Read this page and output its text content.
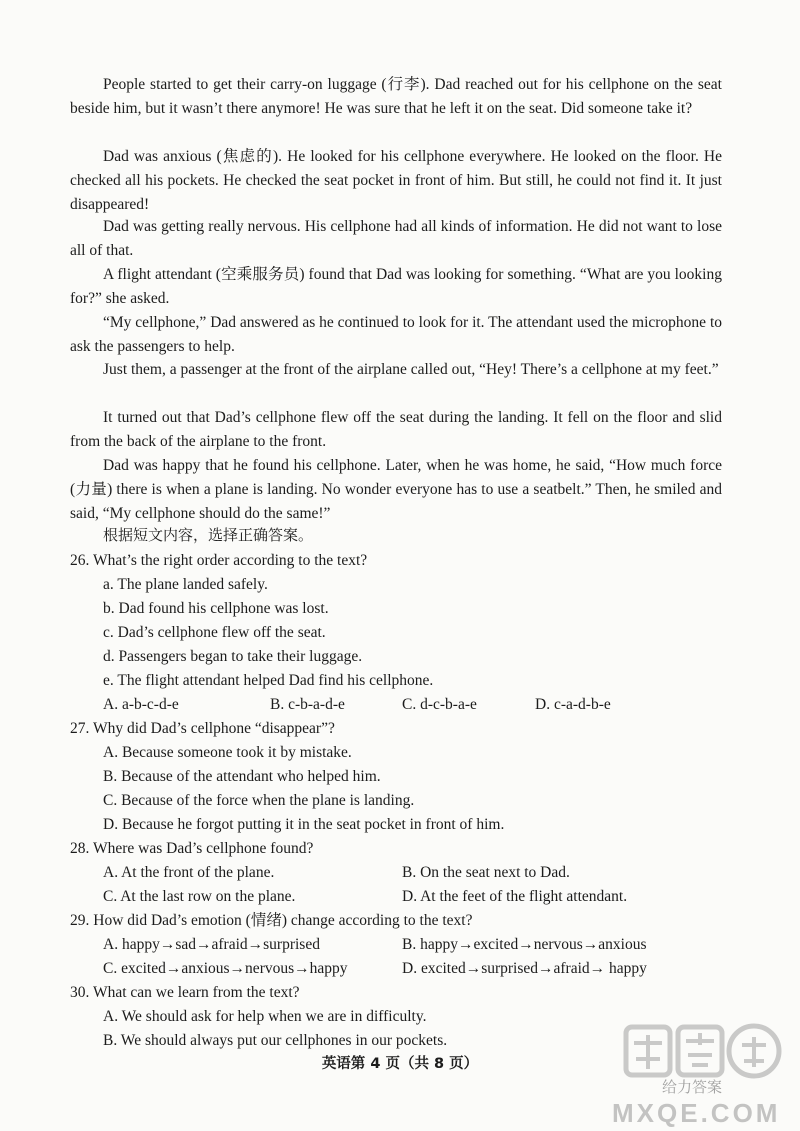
People started to get their carry-on luggage (行李). Dad reached out for his cellphone on the seat beside him, but it wasn’t there anymore! He was sure that he left it on the seat. Did someone take it?

Dad was anxious (焦虑的). He looked for his cellphone everywhere. He looked on the floor. He checked all his pockets. He checked the seat pocket in front of him. But still, he could not find it. It just disappeared!

Dad was getting really nervous. His cellphone had all kinds of information. He did not want to lose all of that.

A flight attendant (空乘服务员) found that Dad was looking for something. “What are you looking for?” she asked.

“My cellphone,” Dad answered as he continued to look for it. The attendant used the microphone to ask the passengers to help.

Just them, a passenger at the front of the airplane called out, “Hey! There’s a cellphone at my feet.”

It turned out that Dad’s cellphone flew off the seat during the landing. It fell on the floor and slid from the back of the airplane to the front.

Dad was happy that he found his cellphone. Later, when he was home, he said, “How much force (力量) there is when a plane is landing. No wonder everyone has to use a seatbelt.” Then, he smiled and said, “My cellphone should do the same!”

根据短文内容，选择正确答案。

26. What’s the right order according to the text?
a. The plane landed safely.
b. Dad found his cellphone was lost.
c. Dad’s cellphone flew off the seat.
d. Passengers began to take their luggage.
e. The flight attendant helped Dad find his cellphone.
A. a-b-c-d-e	B. c-b-a-d-e	C. d-c-b-a-e	D. c-a-d-b-e
27. Why did Dad’s cellphone “disappear”?
A. Because someone took it by mistake.
B. Because of the attendant who helped him.
C. Because of the force when the plane is landing.
D. Because he forgot putting it in the seat pocket in front of him.
28. Where was Dad’s cellphone found?
A. At the front of the plane.	B. On the seat next to Dad.
C. At the last row on the plane.	D. At the feet of the flight attendant.
29. How did Dad’s emotion (情绪) change according to the text?
A. happy→sad→afraid→surprised	B. happy→excited→nervous→anxious
C. excited→anxious→nervous→happy	D. excited→surprised→afraid→ happy
30. What can we learn from the text?
A. We should ask for help when we are in difficulty.
B. We should always put our cellphones in our pockets.
英语第 4 页（共 8 页）
给力答案
MXQE.COM
